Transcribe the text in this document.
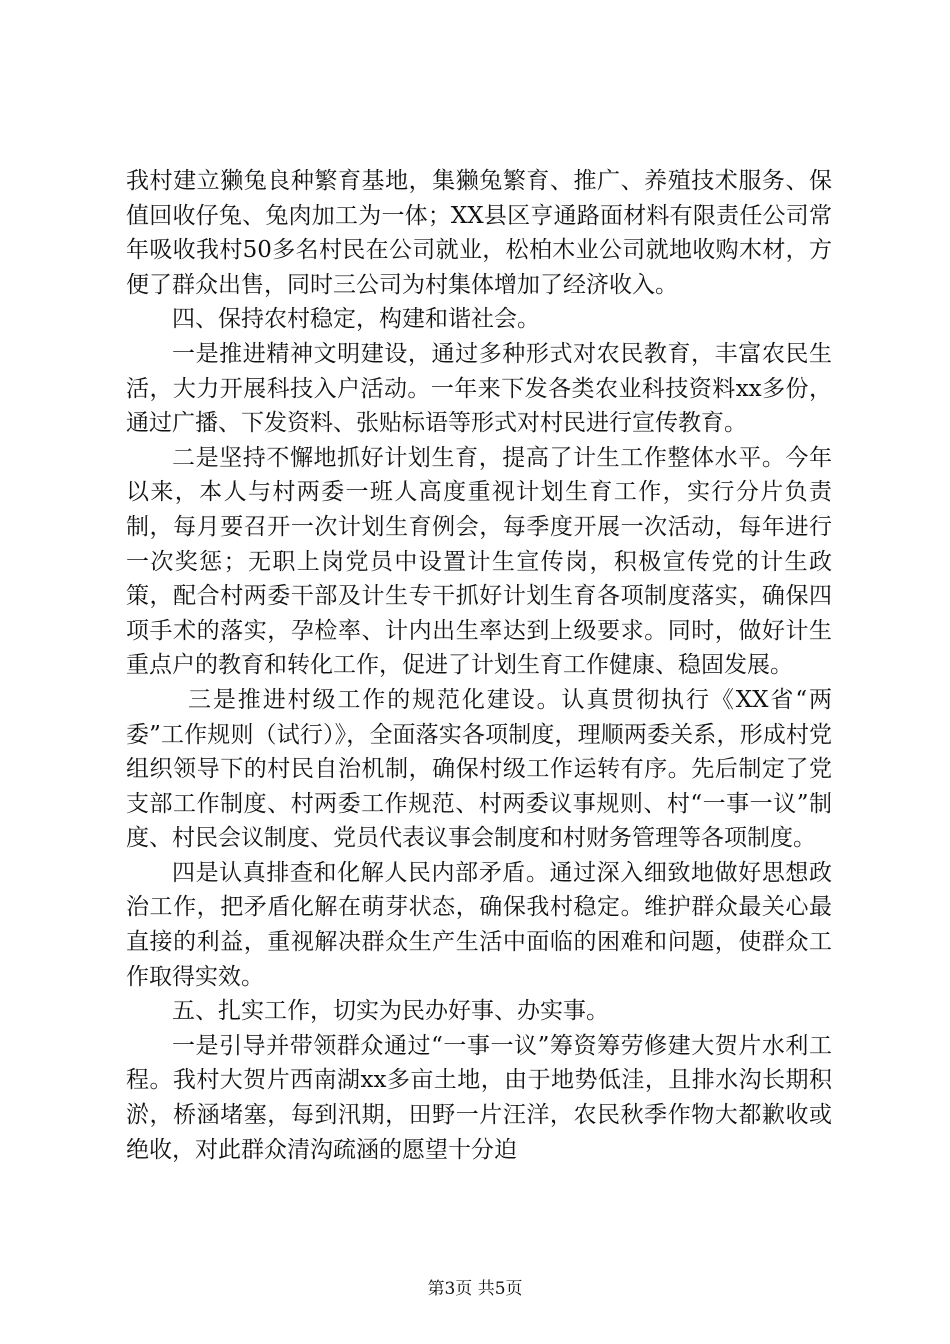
我村建立獭兔良种繁育基地，集獭兔繁育、推广、养殖技术服务、保值回收仔兔、兔肉加工为一体；XX县区亨通路面材料有限责任公司常年吸收我村50多名村民在公司就业，松柏木业公司就地收购木材，方便了群众出售，同时三公司为村集体增加了经济收入。

四、保持农村稳定，构建和谐社会。

一是推进精神文明建设，通过多种形式对农民教育，丰富农民生活，大力开展科技入户活动。一年来下发各类农业科技资料xx多份，通过广播、下发资料、张贴标语等形式对村民进行宣传教育。

二是坚持不懈地抓好计划生育，提高了计生工作整体水平。今年以来，本人与村两委一班人高度重视计划生育工作，实行分片负责制，每月要召开一次计划生育例会，每季度开展一次活动，每年进行一次奖惩；无职上岗党员中设置计生宣传岗，积极宣传党的计生政策，配合村两委干部及计生专干抓好计划生育各项制度落实，确保四项手术的落实，孕检率、计内出生率达到上级要求。同时，做好计生重点户的教育和转化工作，促进了计划生育工作健康、稳固发展。

三是推进村级工作的规范化建设。认真贯彻执行《XX省“两委”工作规则（试行）》，全面落实各项制度，理顺两委关系，形成村党组织领导下的村民自治机制，确保村级工作运转有序。先后制定了党支部工作制度、村两委工作规范、村两委议事规则、村“一事一议”制度、村民会议制度、党员代表议事会制度和村财务管理等各项制度。

四是认真排查和化解人民内部矛盾。通过深入细致地做好思想政治工作，把矛盾化解在萌芽状态，确保我村稳定。维护群众最关心最直接的利益，重视解决群众生产生活中面临的困难和问题，使群众工作取得实效。

五、扎实工作，切实为民办好事、办实事。

一是引导并带领群众通过“一事一议”筹资筹劳修建大贺片水利工程。我村大贺片西南湖xx多亩土地，由于地势低洼，且排水沟长期积淤，桥涵堵塞，每到汛期，田野一片汪洋，农民秋季作物大都歉收或绝收，对此群众清沟疏涵的愿望十分迫

第3页 共5页
